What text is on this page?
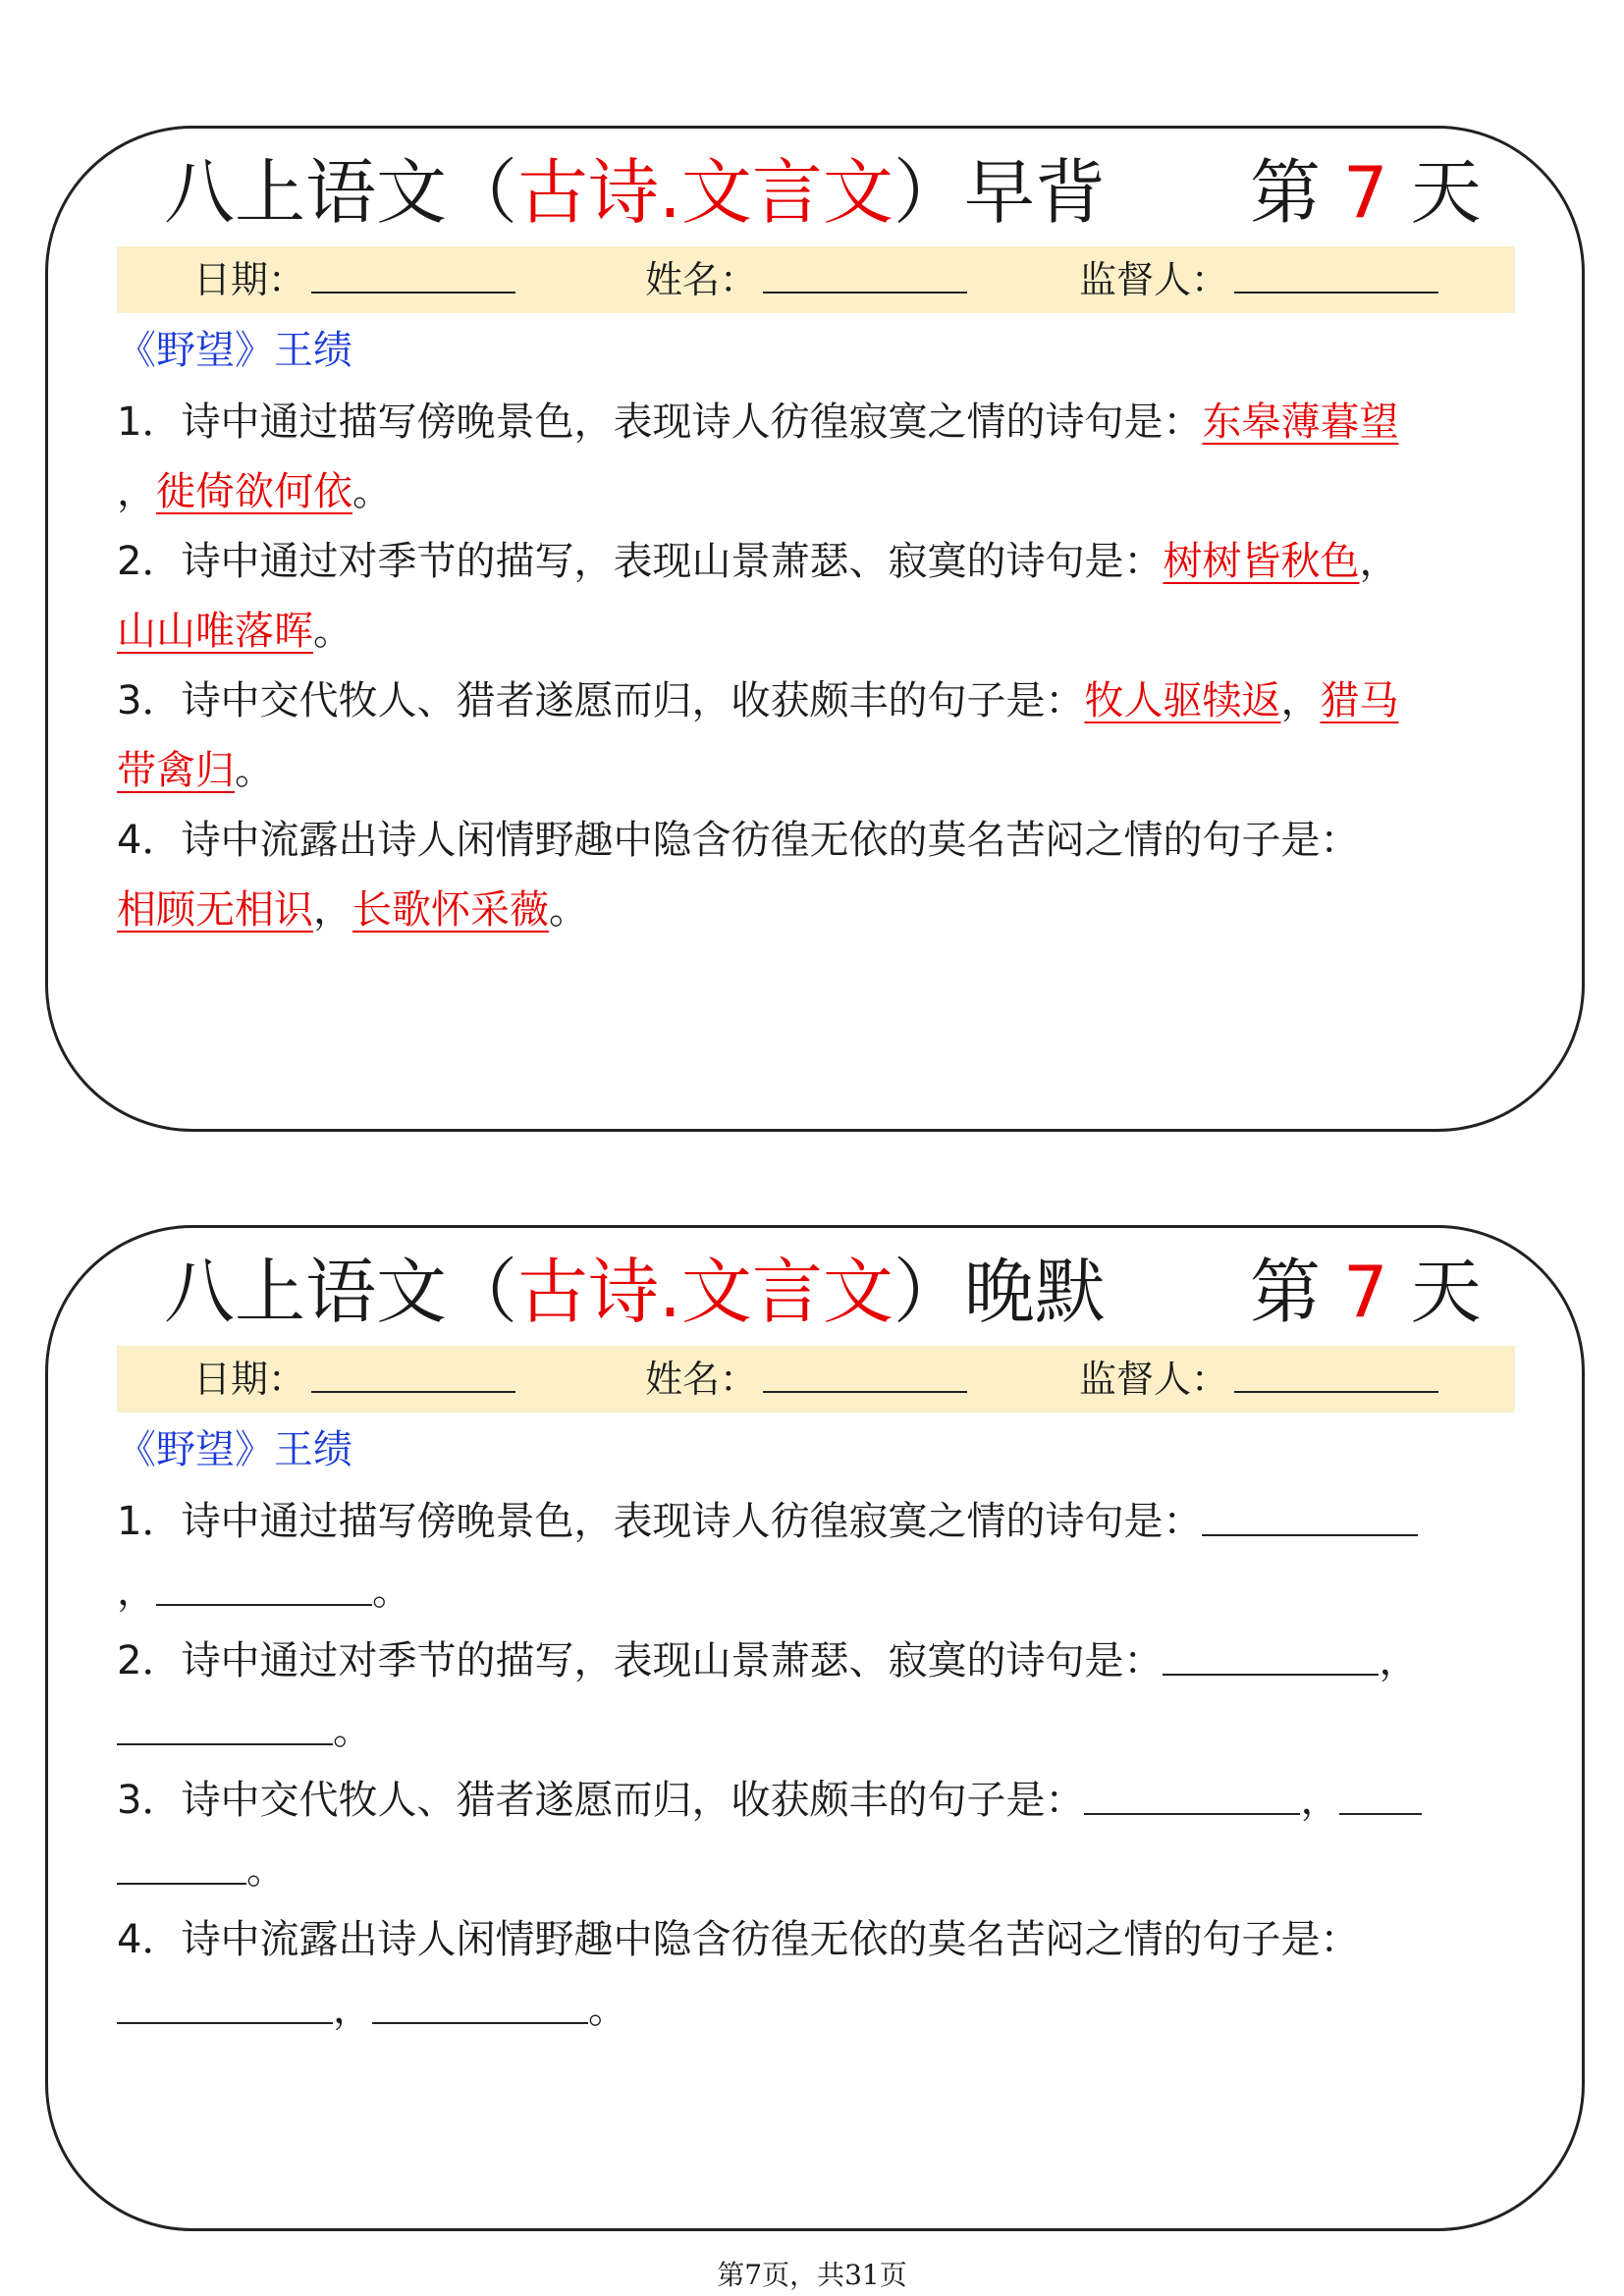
八上语文（古诗.文言文）早背 第 7 天
日期：	姓名：	监督人：
《野望》王绩

1．诗中通过描写傍晚景色，表现诗人彷徨寂寞之情的诗句是：东皋薄暮望
，徙倚欲何依。

2．诗中通过对季节的描写，表现山景萧瑟、寂寞的诗句是：树树皆秋色，
山山唯落晖。

3．诗中交代牧人、猎者遂愿而归，收获颇丰的句子是：牧人驱犊返，猎马
带禽归。

4．诗中流露出诗人闲情野趣中隐含彷徨无依的莫名苦闷之情的句子是：
相顾无相识，长歌怀采薇。

八上语文（古诗.文言文）晚默 第 7 天
日期：	姓名：	监督人：
《野望》王绩

1．诗中通过描写傍晚景色，表现诗人彷徨寂寞之情的诗句是：
，	。

2．诗中通过对季节的描写，表现山景萧瑟、寂寞的诗句是：	，
。

3．诗中交代牧人、猎者遂愿而归，收获颇丰的句子是：	，
。

4．诗中流露出诗人闲情野趣中隐含彷徨无依的莫名苦闷之情的句子是：
，	。

第7页，共31页
